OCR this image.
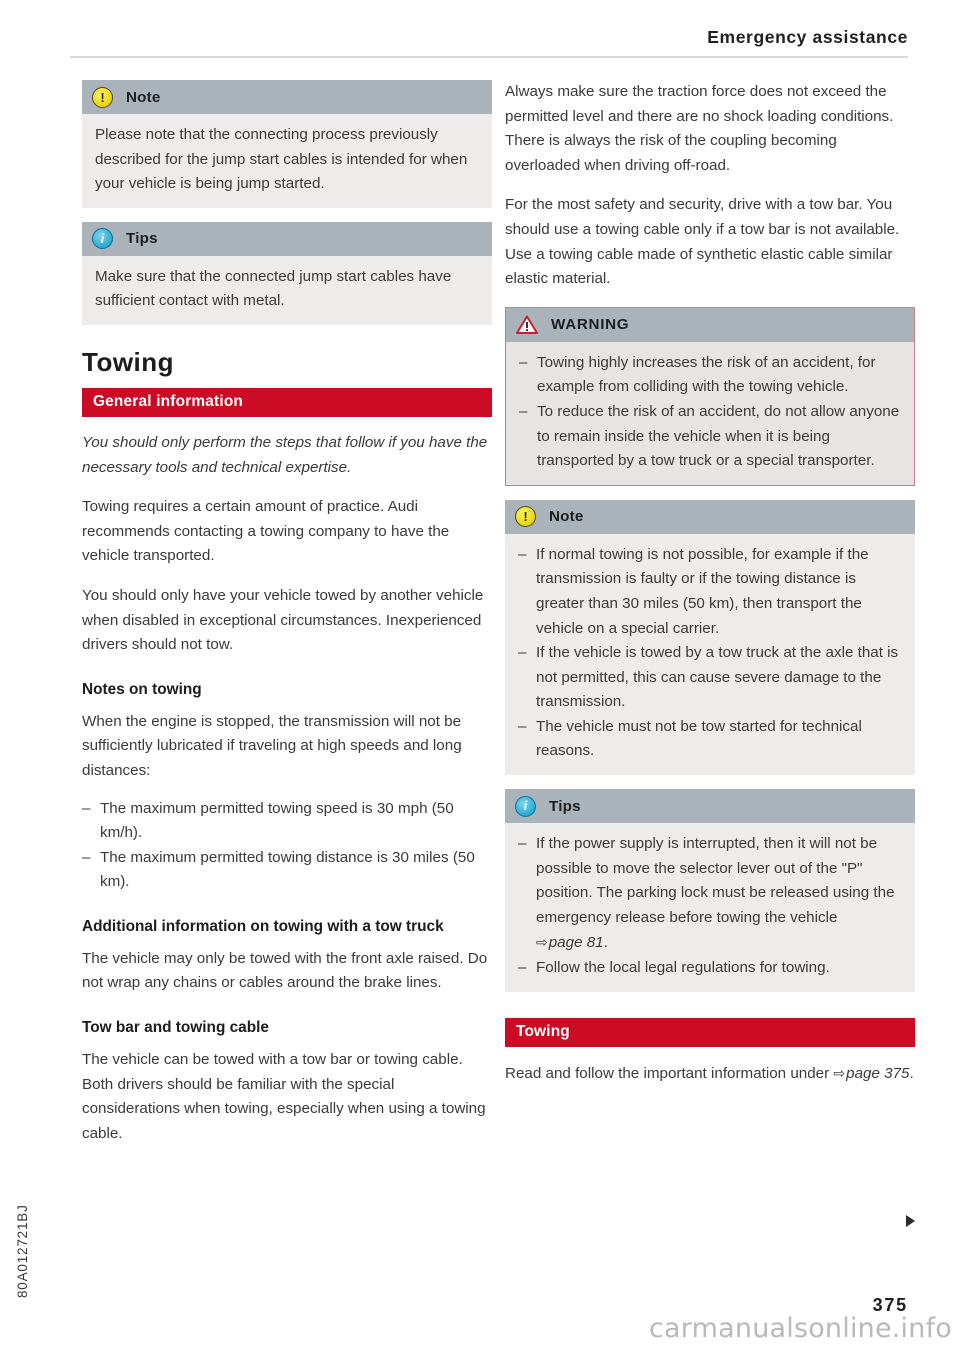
Emergency assistance
!	Note

Please note that the connecting process previously described for the jump start cables is intended for when your vehicle is being jump started.

i	Tips

Make sure that the connected jump start cables have sufficient contact with metal.

Towing
General information

You should only perform the steps that follow if you have the necessary tools and technical expertise.

Towing requires a certain amount of practice. Audi recommends contacting a towing company to have the vehicle transported.

You should only have your vehicle towed by another vehicle when disabled in exceptional circumstances. Inexperienced drivers should not tow.

Notes on towing

When the engine is stopped, the transmission will not be sufficiently lubricated if traveling at high speeds and long distances:

– The maximum permitted towing speed is 30 mph (50 km/h).
– The maximum permitted towing distance is 30 miles (50 km).
Additional information on towing with a tow truck

The vehicle may only be towed with the front axle raised. Do not wrap any chains or cables around the brake lines.

Tow bar and towing cable

The vehicle can be towed with a tow bar or towing cable. Both drivers should be familiar with the special considerations when towing, especially when using a towing cable.

Always make sure the traction force does not exceed the permitted level and there are no shock loading conditions. There is always the risk of the coupling becoming overloaded when driving off-road.

For the most safety and security, drive with a tow bar. You should use a towing cable only if a tow bar is not available. Use a towing cable made of synthetic elastic cable similar elastic material.

WARNING
– Towing highly increases the risk of an accident, for example from colliding with the towing vehicle.
– To reduce the risk of an accident, do not allow anyone to remain inside the vehicle when it is being transported by a tow truck or a special transporter.
!	Note
– If normal towing is not possible, for example if the transmission is faulty or if the towing distance is greater than 30 miles (50 km), then transport the vehicle on a special carrier.
– If the vehicle is towed by a tow truck at the axle that is not permitted, this can cause severe damage to the transmission.
– The vehicle must not be tow started for technical reasons.
i	Tips
– If the power supply is interrupted, then it will not be possible to move the selector lever out of the "P" position. The parking lock must be released using the emergency release before towing the vehicle ⇨page 81.
– Follow the local legal regulations for towing.
Towing

Read and follow the important information under ⇨page 375.

80A012721BJ
375
carmanualsonline.info
